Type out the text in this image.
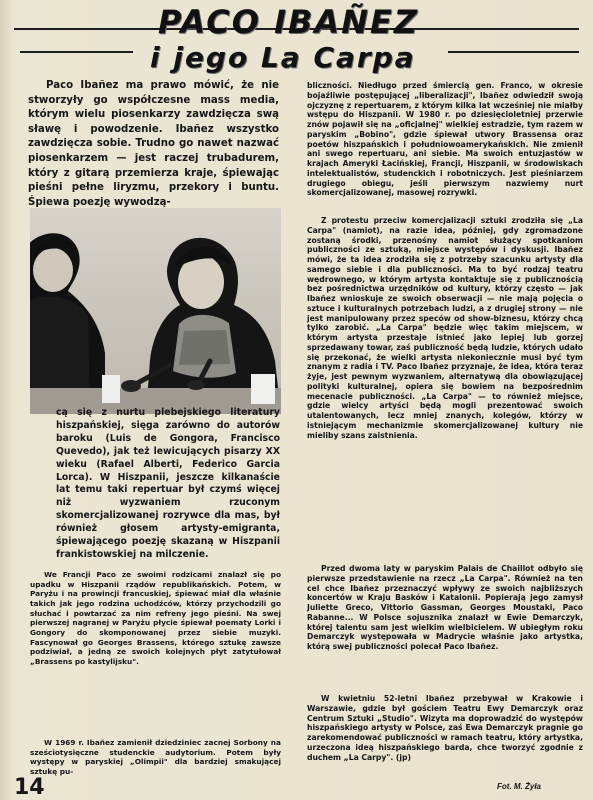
PACO IBAÑEZ
i jego La Carpa
Paco Ibañez ma prawo mówić, że nie stworzyły go współczesne mass media, którym wielu piosenkarzy zawdzięcza swą sławę i powodzenie. Ibañez wszystko zawdzięcza sobie. Trudno go nawet nazwać piosenkarzem — jest raczej trubadurem, który z gitarą przemierza kraje, śpiewając pieśni pełne liryzmu, przekory i buntu. Śpiewa poezję wywodzą-
cą się z nurtu plebejskiego literatury hiszpańskiej, sięga zarówno do autorów baroku (Luis de Gongora, Francisco Quevedo), jak też lewicujących pisarzy XX wieku (Rafael Alberti, Federico Garcia Lorca). W Hiszpanii, jeszcze kilkanaście lat temu taki repertuar był czymś więcej niż wyzwaniem rzuconym skomercjalizowanej rozrywce dla mas, był również głosem artysty-emigranta, śpiewającego poezję skazaną w Hiszpanii frankistowskiej na milczenie.
We Francji Paco ze swoimi rodzicami znalazł się po upadku w Hiszpanii rządów republikańskich. Potem, w Paryżu i na prowincji francuskiej, śpiewać miał dla właśnie takich jak jego rodzina uchodźców, którzy przychodzili go słuchać i powtarzać za nim refreny jego pieśni. Na swej pierwszej nagranej w Paryżu płycie śpiewał poematy Lorki i Gongory do skomponowanej przez siebie muzyki. Fascynował go Georges Brassens, którego sztukę zawsze podziwiał, a jedną ze swoich kolejnych płyt zatytułował „Brassens po kastylijsku".
W 1969 r. Ibañez zamienił dziedziniec zacnej Sorbony na sześciotysięczne studenckie audytorium. Potem były występy w paryskiej „Olimpii" dla bardziej smakującej sztukę pu-
bliczności. Niedługo przed śmiercią gen. Franco, w okresie bojaźliwie postępującej „liberalizacji", Ibañez odwiedził swoją ojczyznę z repertuarem, z którym kilka lat wcześniej nie miałby wstępu do Hiszpanii. W 1980 r. po dziesięcioletniej przerwie znów pojawił się na „oficjalnej" wielkiej estradzie, tym razem w paryskim „Bobino", gdzie śpiewał utwory Brassensa oraz poetów hiszpańskich i południowoamerykańskich. Nie zmienił ani swego repertuaru, ani siebie. Ma swoich entuzjastów w krajach Ameryki Łacińskiej, Francji, Hiszpanii, w środowiskach intelektualistów, studenckich i robotniczych. Jest pieśniarzem drugiego obiegu, jeśli pierwszym nazwiemy nurt skomercjalizowanej, masowej rozrywki.
Z protestu przeciw komercjalizacji sztuki zrodziła się „La Carpa" (namiot), na razie idea, później, gdy zgromadzone zostaną środki, przenośny namiot służący spotkaniom publiczności ze sztuką, miejsce występów i dyskusji. Ibañez mówi, że ta idea zrodziła się z potrzeby szacunku artysty dla samego siebie i dla publiczności. Ma to być rodzaj teatru wędrownego, w którym artysta kontaktuje się z publicznością bez pośrednictwa urzędników od kultury, którzy często — jak Ibañez wnioskuje ze swoich obserwacji — nie mają pojęcia o sztuce i kulturalnych potrzebach ludzi, a z drugiej strony — nie jest manipulowany przez speców od show-biznesu, którzy chcą tylko zarobić. „La Carpa" będzie więc takim miejscem, w którym artysta przestaje istnieć jako lepiej lub gorzej sprzedawany towar, zaś publiczność będą ludzie, których udało się przekonać, że wielki artysta niekoniecznie musi być tym znanym z radia i TV. Paco Ibañez przyznaje, że idea, która teraz żyje, jest pewnym wyzwaniem, alternatywą dla obowiązującej polityki kulturalnej, opiera się bowiem na bezpośrednim mecenacie publiczności. „La Carpa" — to również miejsce, gdzie wielcy artyści będą mogli prezentować swoich utalentowanych, lecz mniej znanych, kolegów, którzy w istniejącym mechanizmie skomercjalizowanej kultury nie mieliby szans zaistnienia.
Przed dwoma laty w paryskim Palais de Chaillot odbyło się pierwsze przedstawienie na rzecz „La Carpa". Również na ten cel chce Ibañez przeznaczyć wpływy ze swoich najbliższych koncertów w Kraju Basków i Katalonii. Popierają jego zamysł Juliette Greco, Vittorio Gassman, Georges Moustaki, Paco Rabanne... W Polsce sojusznika znalazł w Ewie Demarczyk, której talentu sam jest wielkim wielbicielem. W ubiegłym roku Demarczyk występowała w Madrycie właśnie jako artystka, którą swej publiczności polecał Paco Ibañez.
W kwietniu 52-letni Ibañez przebywał w Krakowie i Warszawie, gdzie był gościem Teatru Ewy Demarczyk oraz Centrum Sztuki „Studio". Wizyta ma doprowadzić do występów hiszpańskiego artysty w Polsce, zaś Ewa Demarczyk pragnie go zarekomendować publiczności w ramach teatru, który artystka, urzeczona ideą hiszpańskiego barda, chce tworzyć zgodnie z duchem „La Carpy". (jp)
Fot. M. Żyła
14
